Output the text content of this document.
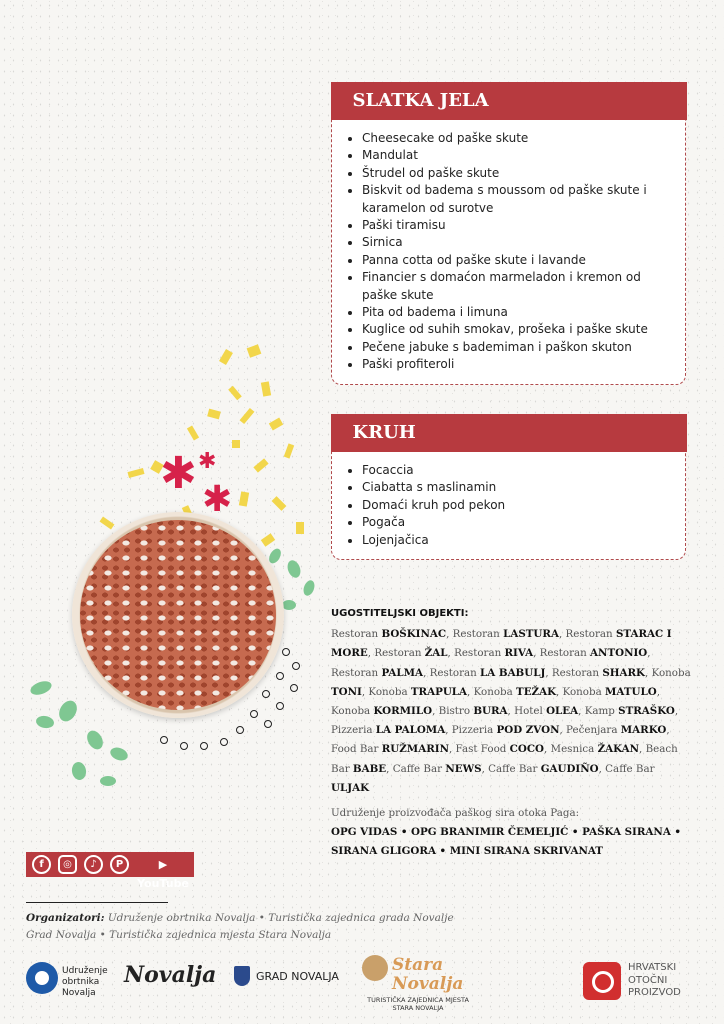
✱
✱
✱
SLATKA JELA
• Cheesecake od paške skute
• Mandulat
• Štrudel od paške skute
• Biskvit od badema s moussom od paške skute i karamelon od surotve
• Paški tiramisu
• Sirnica
• Panna cotta od paške skute i lavande
• Financier s domaćon marmeladon i kremon od paške skute
• Pita od badema i limuna
• Kuglice od suhih smokav, prošeka i paške skute
• Pečene jabuke s bademiman i paškon skuton
• Paški profiteroli
KRUH
• Focaccia
• Ciabatta s maslinamin
• Domaći kruh pod pekon
• Pogača
• Lojenjačica
UGOSTITELJSKI OBJEKTI:
Restoran BOŠKINAC, Restoran LASTURA, Restoran STARAC I MORE, Restoran ŽAL, Restoran RIVA, Restoran ANTONIO, Restoran PALMA, Restoran LA BABULJ, Restoran SHARK, Konoba TONI, Konoba TRAPULA, Konoba TEŽAK, Konoba MATULO, Konoba KORMILO, Bistro BURA, Hotel OLEA, Kamp STRAŠKO, Pizzeria LA PALOMA, Pizzeria POD ZVON, Pečenjara MARKO, Food Bar RUŽMARIN, Fast Food COCO, Mesnica ŽAKAN, Beach Bar BABE, Caffe Bar NEWS, Caffe Bar GAUDIÑO, Caffe Bar ULJAK
Udruženje proizvođača paškog sira otoka Paga:
OPG VIDAS • OPG BRANIMIR ČEMELJIĆ • PAŠKA SIRANA • SIRANA GLIGORA • MINI SIRANA SKRIVANAT
f	◎	♪	P	▶ YouTube
Organizatori: Udruženje obrtnika Novalja • Turistička zajednica grada Novalje
Grad Novalja • Turistička zajednica mjesta Stara Novalja
Udruženje obrtnika Novalja
Novalja	GRAD NOVALJA
Stara
Novalja
TURISTIČKA ZAJEDNICA MJESTA STARA NOVALJA
HRVATSKI OTOČNI PROIZVOD
